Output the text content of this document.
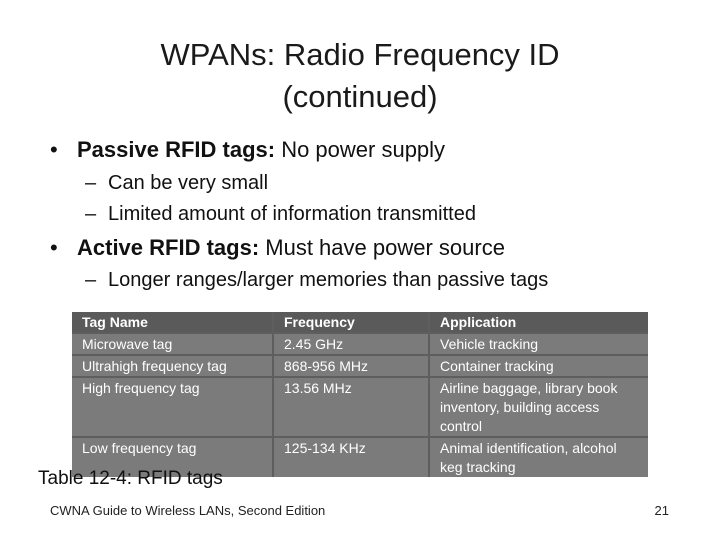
WPANs: Radio Frequency ID
(continued)
• Passive RFID tags: No power supply
– Can be very small
– Limited amount of information transmitted
• Active RFID tags: Must have power source
– Longer ranges/larger memories than passive tags
Tag Name	Frequency	Application
Microwave tag	2.45 GHz	Vehicle tracking
Ultrahigh frequency tag	868-956 MHz	Container tracking
High frequency tag	13.56 MHz	Airline baggage, library book inventory, building access control
Low frequency tag	125-134 KHz	Animal identification, alcohol keg tracking
Table 12-4: RFID tags
CWNA Guide to Wireless LANs, Second Edition	21
